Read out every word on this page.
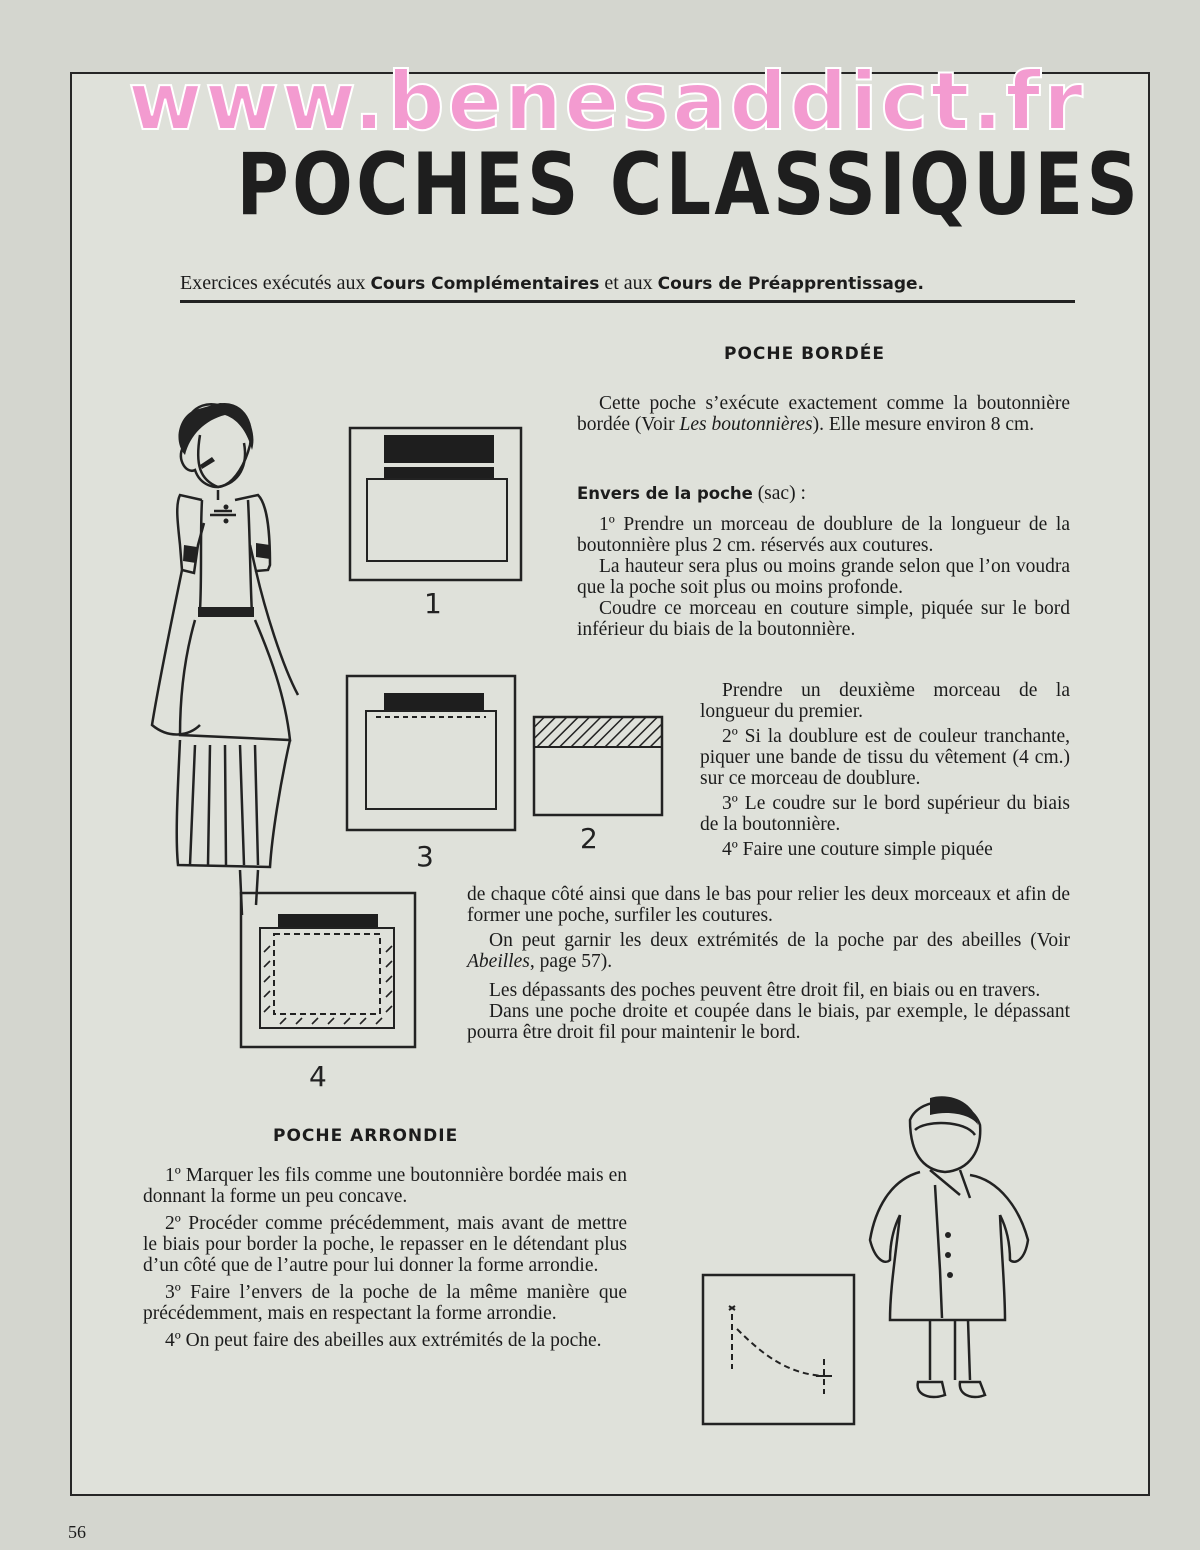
www.benesaddict.fr
POCHES CLASSIQUES
Exercices exécutés aux Cours Complémentaires et aux Cours de Préapprentissage.
1
3
2
4
POCHE BORDÉE

Cette poche s’exécute exactement comme la boutonnière bordée (Voir Les boutonnières). Elle mesure environ 8 cm.

Envers de la poche (sac) :

1º Prendre un morceau de doublure de la longueur de la boutonnière plus 2 cm. réservés aux coutures.

La hauteur sera plus ou moins grande selon que l’on voudra que la poche soit plus ou moins profonde.

Coudre ce morceau en couture simple, piquée sur le bord inférieur du biais de la boutonnière.

Prendre un deuxième morceau de la longueur du premier.

2º Si la doublure est de couleur tranchante, piquer une bande de tissu du vêtement (4 cm.) sur ce morceau de doublure.

3º Le coudre sur le bord supérieur du biais de la boutonnière.

4º Faire une couture simple piquée

de chaque côté ainsi que dans le bas pour relier les deux morceaux et afin de former une poche, surfiler les coutures.

On peut garnir les deux extrémités de la poche par des abeilles (Voir Abeilles, page 57).

Les dépassants des poches peuvent être droit fil, en biais ou en travers.

Dans une poche droite et coupée dans le biais, par exemple, le dépassant pourra être droit fil pour maintenir le bord.

POCHE ARRONDIE

1º Marquer les fils comme une boutonnière bordée mais en donnant la forme un peu concave.

2º Procéder comme précédemment, mais avant de mettre le biais pour border la poche, le repasser en le détendant plus d’un côté que de l’autre pour lui donner la forme arrondie.

3º Faire l’envers de la poche de la même manière que précédemment, mais en respectant la forme arrondie.

4º On peut faire des abeilles aux extrémités de la poche.

56
